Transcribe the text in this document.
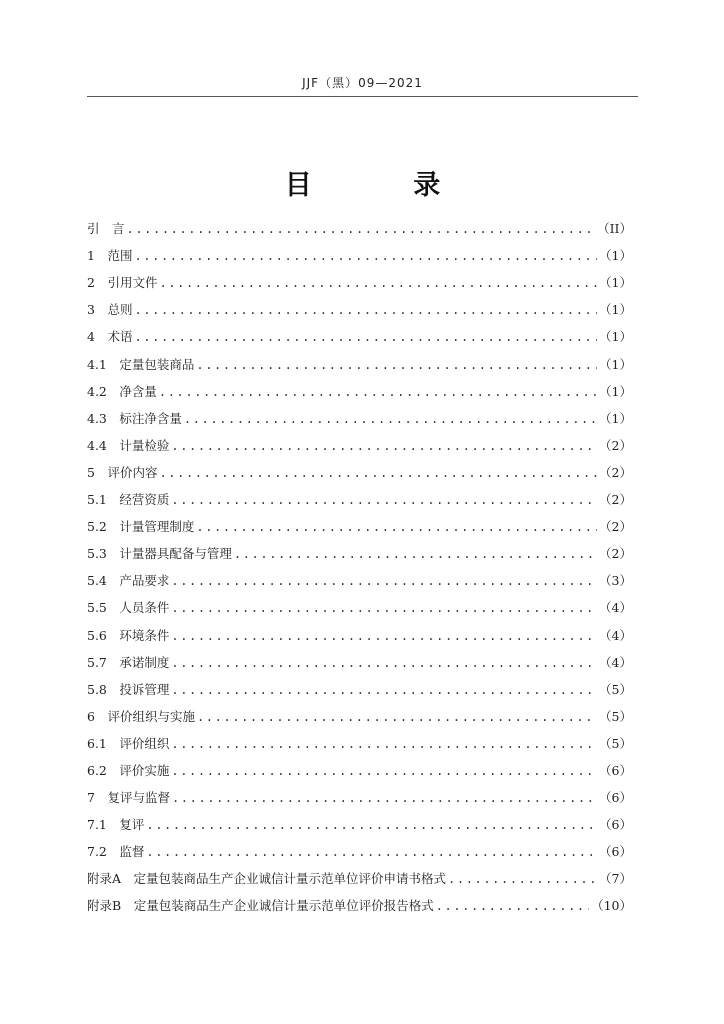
JJF（黑）09—2021
目 录
引 　言 .....	（II）
1 　范围 .....	（1）
2 　引用文件 .....	（1）
3 　总则 .....	（1）
4 　术语 .....	（1）
4.1 　定量包装商品 .....	（1）
4.2 　净含量 .....	（1）
4.3 　标注净含量 .....	（1）
4.4 　计量检验 .....	（2）
5 　评价内容 .....	（2）
5.1 　经营资质 .....	（2）
5.2 　计量管理制度 .....	（2）
5.3 　计量器具配备与管理 .....	（2）
5.4 　产品要求 .....	（3）
5.5 　人员条件 .....	（4）
5.6 　环境条件 .....	（4）
5.7 　承诺制度 .....	（4）
5.8 　投诉管理 .....	（5）
6 　评价组织与实施 .....	（5）
6.1 　评价组织 .....	（5）
6.2 　评价实施 .....	（6）
7 　复评与监督 .....	（6）
7.1 　复评 .....	（6）
7.2 　监督 .....	（6）
附录A 　定量包装商品生产企业诚信计量示范单位评价申请书格式 .....	（7）
附录B 　定量包装商品生产企业诚信计量示范单位评价报告格式 .....	（10）
